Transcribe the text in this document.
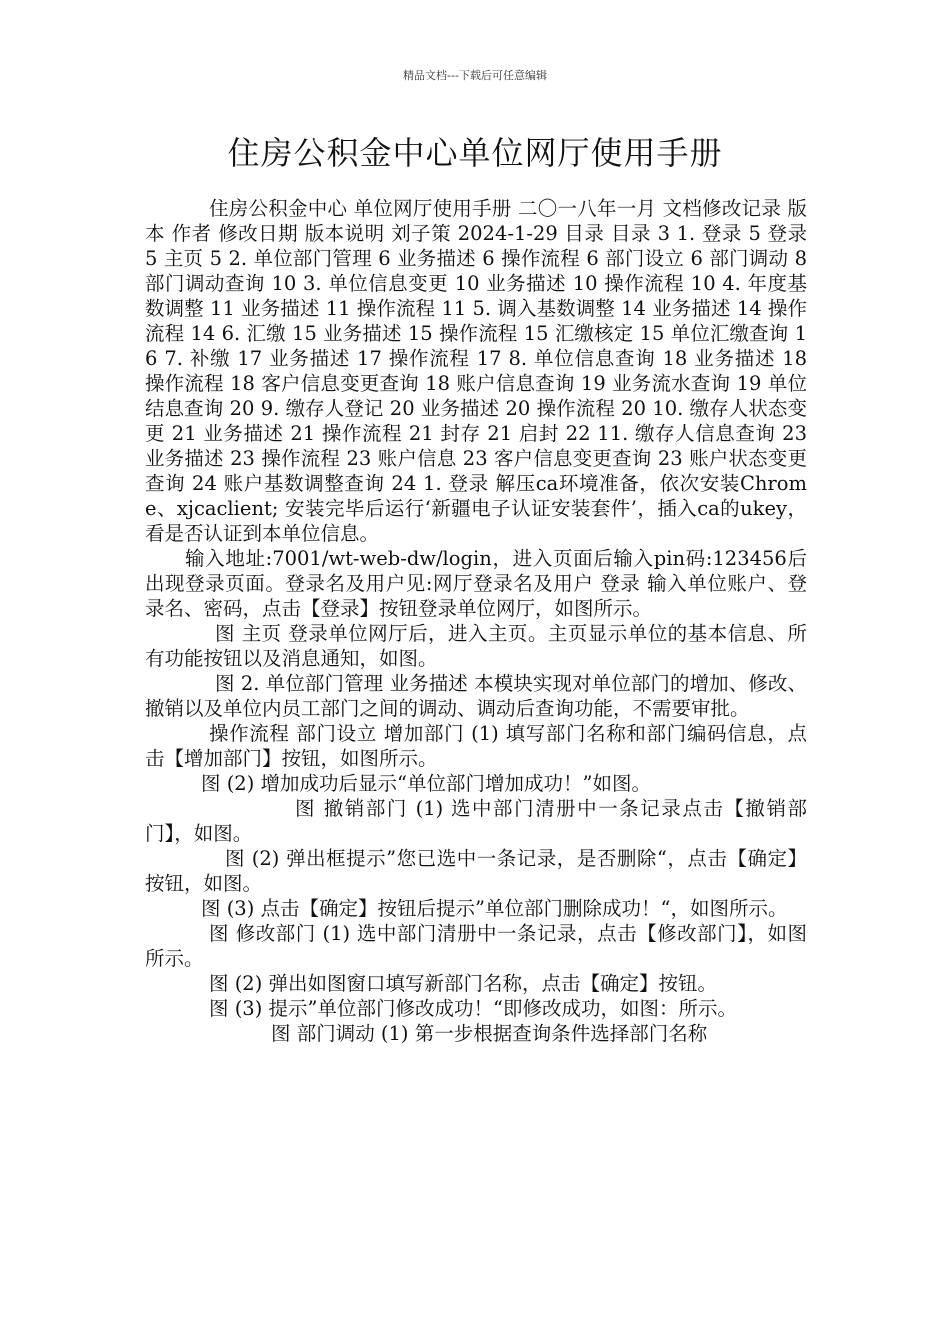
精品文档---下载后可任意编辑
住房公积金中心单位网厅使用手册

住房公积金中心 单位网厅使用手册 二〇一八年一月 文档修改记录 版本 作者 修改日期 版本说明 刘子策 2024-1-29 目录 目录 3 1. 登录 5 登录 5 主页 5 2. 单位部门管理 6 业务描述 6 操作流程 6 部门设立 6 部门调动 8 部门调动查询 10 3. 单位信息变更 10 业务描述 10 操作流程 10 4. 年度基数调整 11 业务描述 11 操作流程 11 5. 调入基数调整 14 业务描述 14 操作流程 14 6. 汇缴 15 业务描述 15 操作流程 15 汇缴核定 15 单位汇缴查询 16 7. 补缴 17 业务描述 17 操作流程 17 8. 单位信息查询 18 业务描述 18 操作流程 18 客户信息变更查询 18 账户信息查询 19 业务流水查询 19 单位结息查询 20 9. 缴存人登记 20 业务描述 20 操作流程 20 10. 缴存人状态变更 21 业务描述 21 操作流程 21 封存 21 启封 22 11. 缴存人信息查询 23 业务描述 23 操作流程 23 账户信息 23 客户信息变更查询 23 账户状态变更查询 24 账户基数调整查询 24 1. 登录 解压ca环境准备，依次安装Chrome、xjcaclient; 安装完毕后运行‘新疆电子认证安装套件’，插入ca的ukey，看是否认证到本单位信息。

输入地址:7001/wt-web-dw/login，进入页面后输入pin码:123456后出现登录页面。登录名及用户见:网厅登录名及用户 登录 输入单位账户、登录名、密码，点击【登录】按钮登录单位网厅，如图所示。

图 主页 登录单位网厅后，进入主页。主页显示单位的基本信息、所有功能按钮以及消息通知，如图。

图 2. 单位部门管理 业务描述 本模块实现对单位部门的增加、修改、撤销以及单位内员工部门之间的调动、调动后查询功能，不需要审批。

操作流程 部门设立 增加部门 (1) 填写部门名称和部门编码信息，点击【增加部门】按钮，如图所示。

图 (2) 增加成功后显示“单位部门增加成功！”如图。

图 撤销部门 (1) 选中部门清册中一条记录点击【撤销部门】，如图。

图 (2) 弹出框提示”您已选中一条记录，是否删除“，点击【确定】按钮，如图。

图 (3) 点击【确定】按钮后提示”单位部门删除成功！“，如图所示。

图 修改部门 (1) 选中部门清册中一条记录，点击【修改部门】，如图所示。

图 (2) 弹出如图窗口填写新部门名称，点击【确定】按钮。

图 (3) 提示”单位部门修改成功！“即修改成功，如图：所示。

图 部门调动 (1) 第一步根据查询条件选择部门名称
